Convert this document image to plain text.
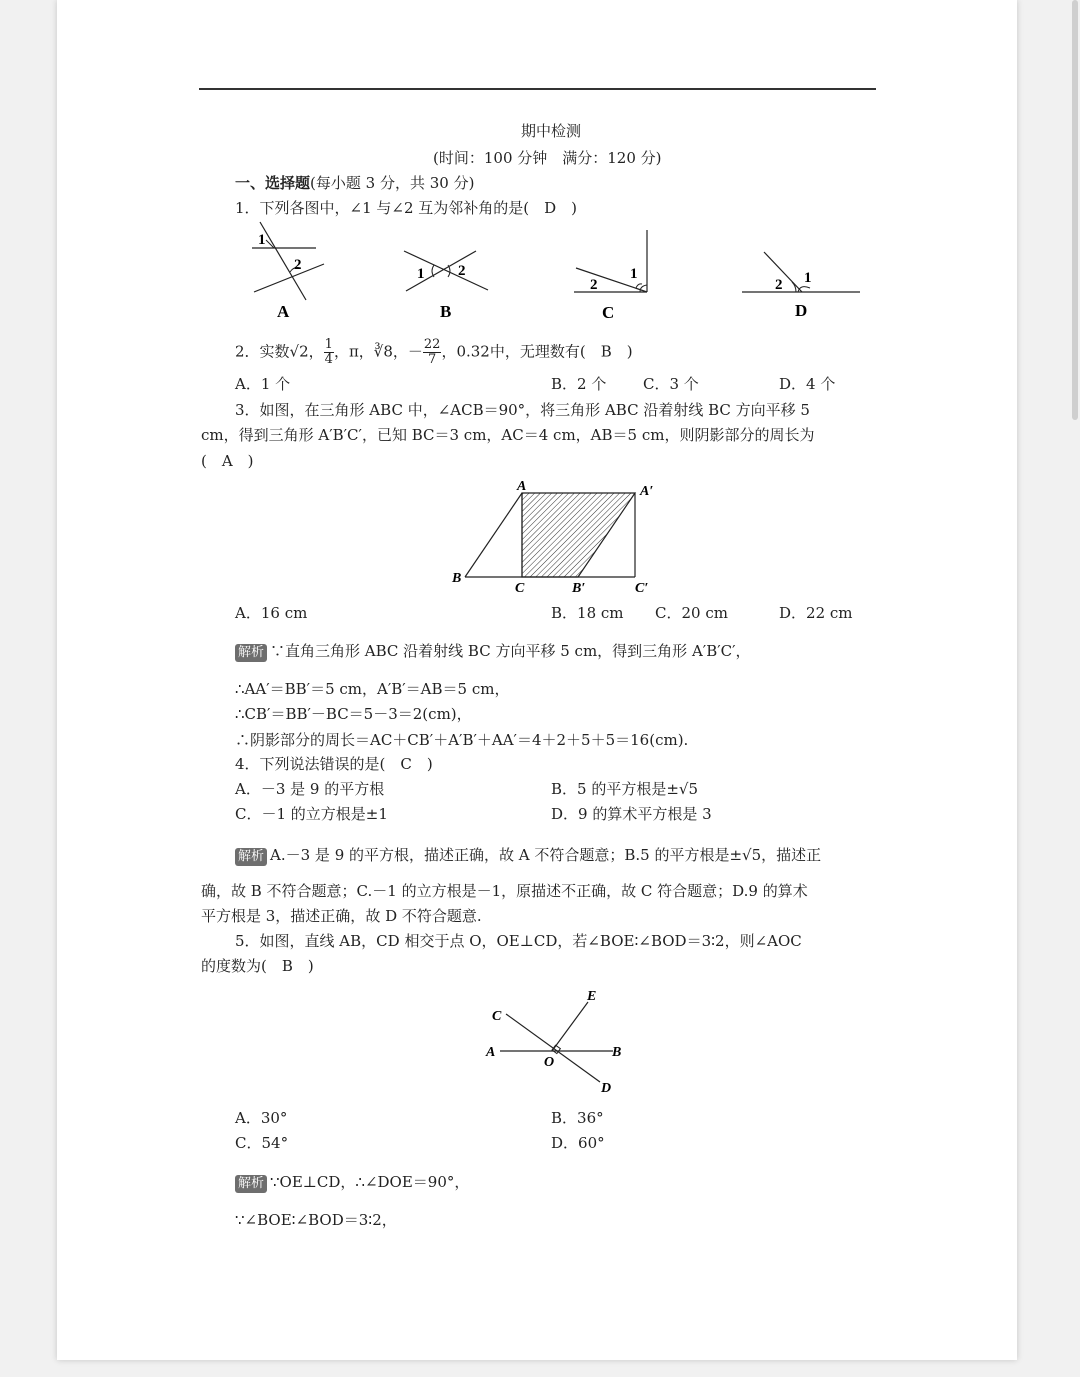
期中检测
(时间：100 分钟　满分：120 分)
一、选择题(每小题 3 分，共 30 分)
1．下列各图中，∠1 与∠2 互为邻补角的是(　D　)
1
2
A
1 2
B
2
1
C
2 1
D
2．实数√2， $\frac{1}{4}$ ，π，∛8，－ $\frac{22}{7}$ ，0.32中，无理数有(　B　)
A．1 个	B．2 个 C．3 个	D．4 个
3．如图，在三角形 ABC 中，∠ACB＝90°，将三角形 ABC 沿着射线 BC 方向平移 5
cm，得到三角形 A′B′C′，已知 BC＝3 cm，AC＝4 cm，AB＝5 cm，则阴影部分的周长为
(　A　)
A	A′
B
C	B′	C′
A．16 cm	B．18 cm C．20 cm	D．22 cm
解析 ∵直角三角形 ABC 沿着射线 BC 方向平移 5 cm，得到三角形 A′B′C′，
∴AA′＝BB′＝5 cm，A′B′＝AB＝5 cm，
∴CB′＝BB′－BC＝5－3＝2(cm)，
∴阴影部分的周长＝AC＋CB′＋A′B′＋AA′＝4＋2＋5＋5＝16(cm).
4．下列说法错误的是(　C　)
A．－3 是 9 的平方根	B．5 的平方根是±√5
C．－1 的立方根是±1	D．9 的算术平方根是 3
解析 A.－3 是 9 的平方根，描述正确，故 A 不符合题意；B.5 的平方根是±√5，描述正
确，故 B 不符合题意；C.－1 的立方根是－1，原描述不正确，故 C 符合题意；D.9 的算术
平方根是 3，描述正确，故 D 不符合题意.
5．如图，直线 AB，CD 相交于点 O，OE⊥CD，若∠BOE∶∠BOD＝3∶2，则∠AOC
的度数为(　B　)
E
C
A
O
B
D
A．30°	B．36°
C．54°	D．60°
解析 ∵OE⊥CD，∴∠DOE＝90°，
∵∠BOE∶∠BOD＝3∶2，
